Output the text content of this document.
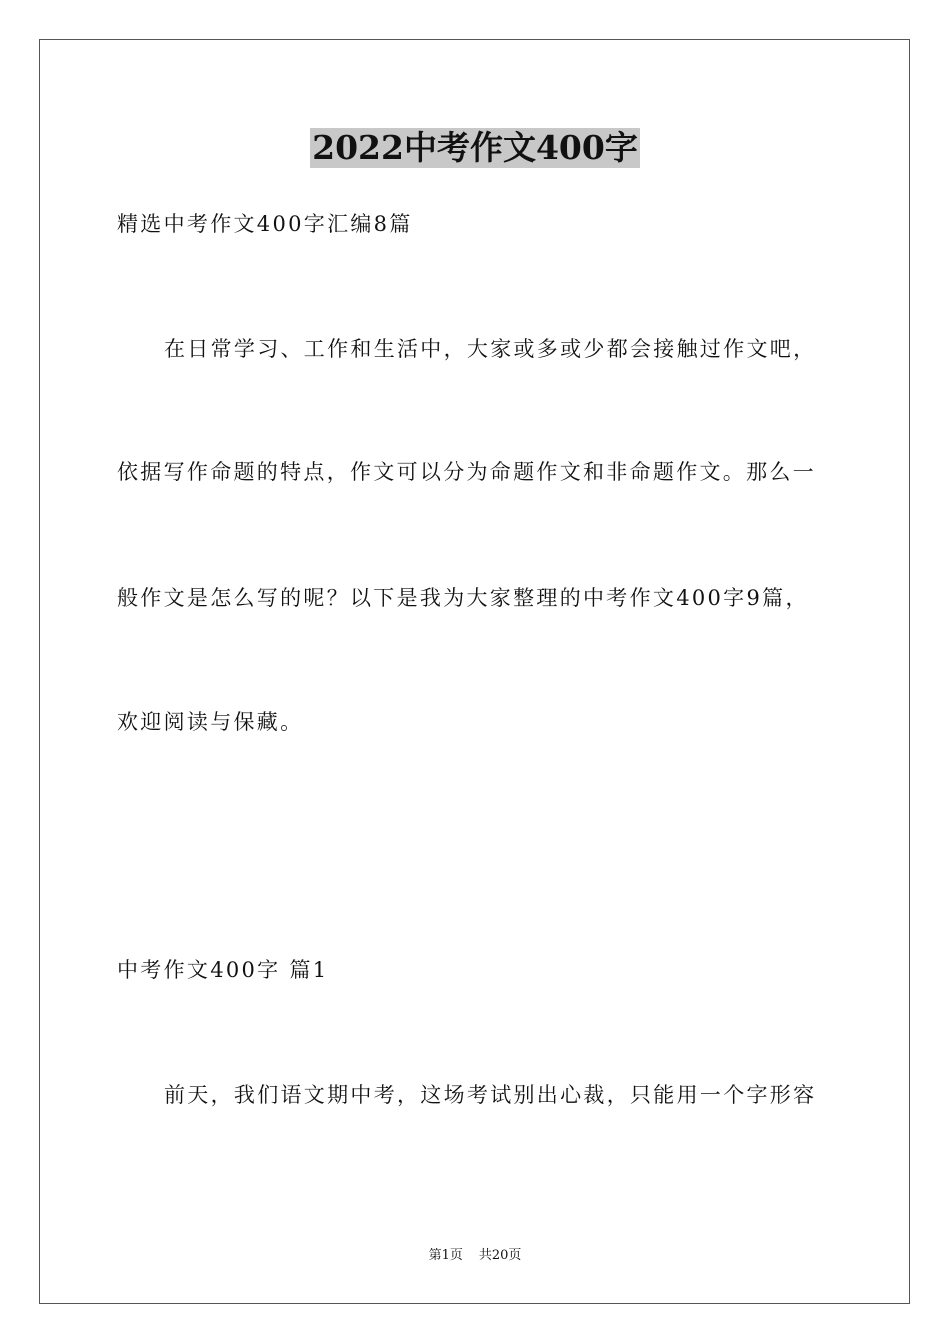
2022中考作文400字
精选中考作文400字汇编8篇
在日常学习、工作和生活中，大家或多或少都会接触过作文吧，
依据写作命题的特点，作文可以分为命题作文和非命题作文。那么一
般作文是怎么写的呢？以下是我为大家整理的中考作文400字9篇，
欢迎阅读与保藏。
中考作文400字 篇1
前天，我们语文期中考，这场考试别出心裁，只能用一个字形容
第1页 共20页
